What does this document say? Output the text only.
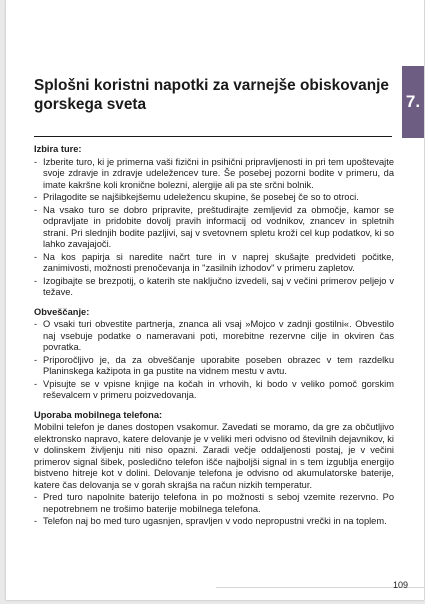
7.
Splošni koristni napotki za varnejše obiskovanje gorskega sveta
Izbira ture:
- Izberite turo, ki je primerna vaši fizični in psihični pripravljenosti in pri tem upoštevajte svoje zdravje in zdravje udeležencev ture. Še posebej pozorni bodite v primeru, da imate kakršne koli kronične bolezni, alergije ali pa ste srčni bolnik.
- Prilagodite se najšibkejšemu udeležencu skupine, še posebej če so to otroci.
- Na vsako turo se dobro pripravite, preštudirajte zemljevid za območje, kamor se odpravljate in pridobite dovolj pravih informacij od vodnikov, znancev in spletnih strani. Pri slednjih bodite pazljivi, saj v svetovnem spletu kroži cel kup podatkov, ki so lahko zavajajoči.
- Na kos papirja si naredite načrt ture in v naprej skušajte predvideti počitke, zanimivosti, možnosti prenočevanja in "zasilnih izhodov" v primeru zapletov.
- Izogibajte se brezpotij, o katerih ste naključno izvedeli, saj v večini primerov peljejo v težave.
Obveščanje:
- O vsaki turi obvestite partnerja, znanca ali vsaj »Mojco v zadnji gostilni«. Obvestilo naj vsebuje podatke o nameravani poti, morebitne rezervne cilje in okviren čas povratka.
- Priporočljivo je, da za obveščanje uporabite poseben obrazec v tem razdelku Planinskega kažipota in ga pustite na vidnem mestu v avtu.
- Vpisujte se v vpisne knjige na kočah in vrhovih, ki bodo v veliko pomoč gorskim reševalcem v primeru poizvedovanja.
Uporaba mobilnega telefona:

Mobilni telefon je danes dostopen vsakomur. Zavedati se moramo, da gre za občutljivo elektronsko napravo, katere delovanje je v veliki meri odvisno od številnih dejavnikov, ki v dolinskem življenju niti niso opazni. Zaradi večje oddaljenosti postaj, je v večini primerov signal šibek, posledično telefon išče najboljši signal in s tem izgublja energijo bistveno hitreje kot v dolini. Delovanje telefona je odvisno od akumulatorske baterije, katere čas delovanja se v gorah skrajša na račun nizkih temperatur.

- Pred turo napolnite baterijo telefona in po možnosti s seboj vzemite rezervno. Po nepotrebnem ne trošimo baterije mobilnega telefona.
- Telefon naj bo med turo ugasnjen, spravljen v vodo nepropustni vrečki in na toplem.
109
